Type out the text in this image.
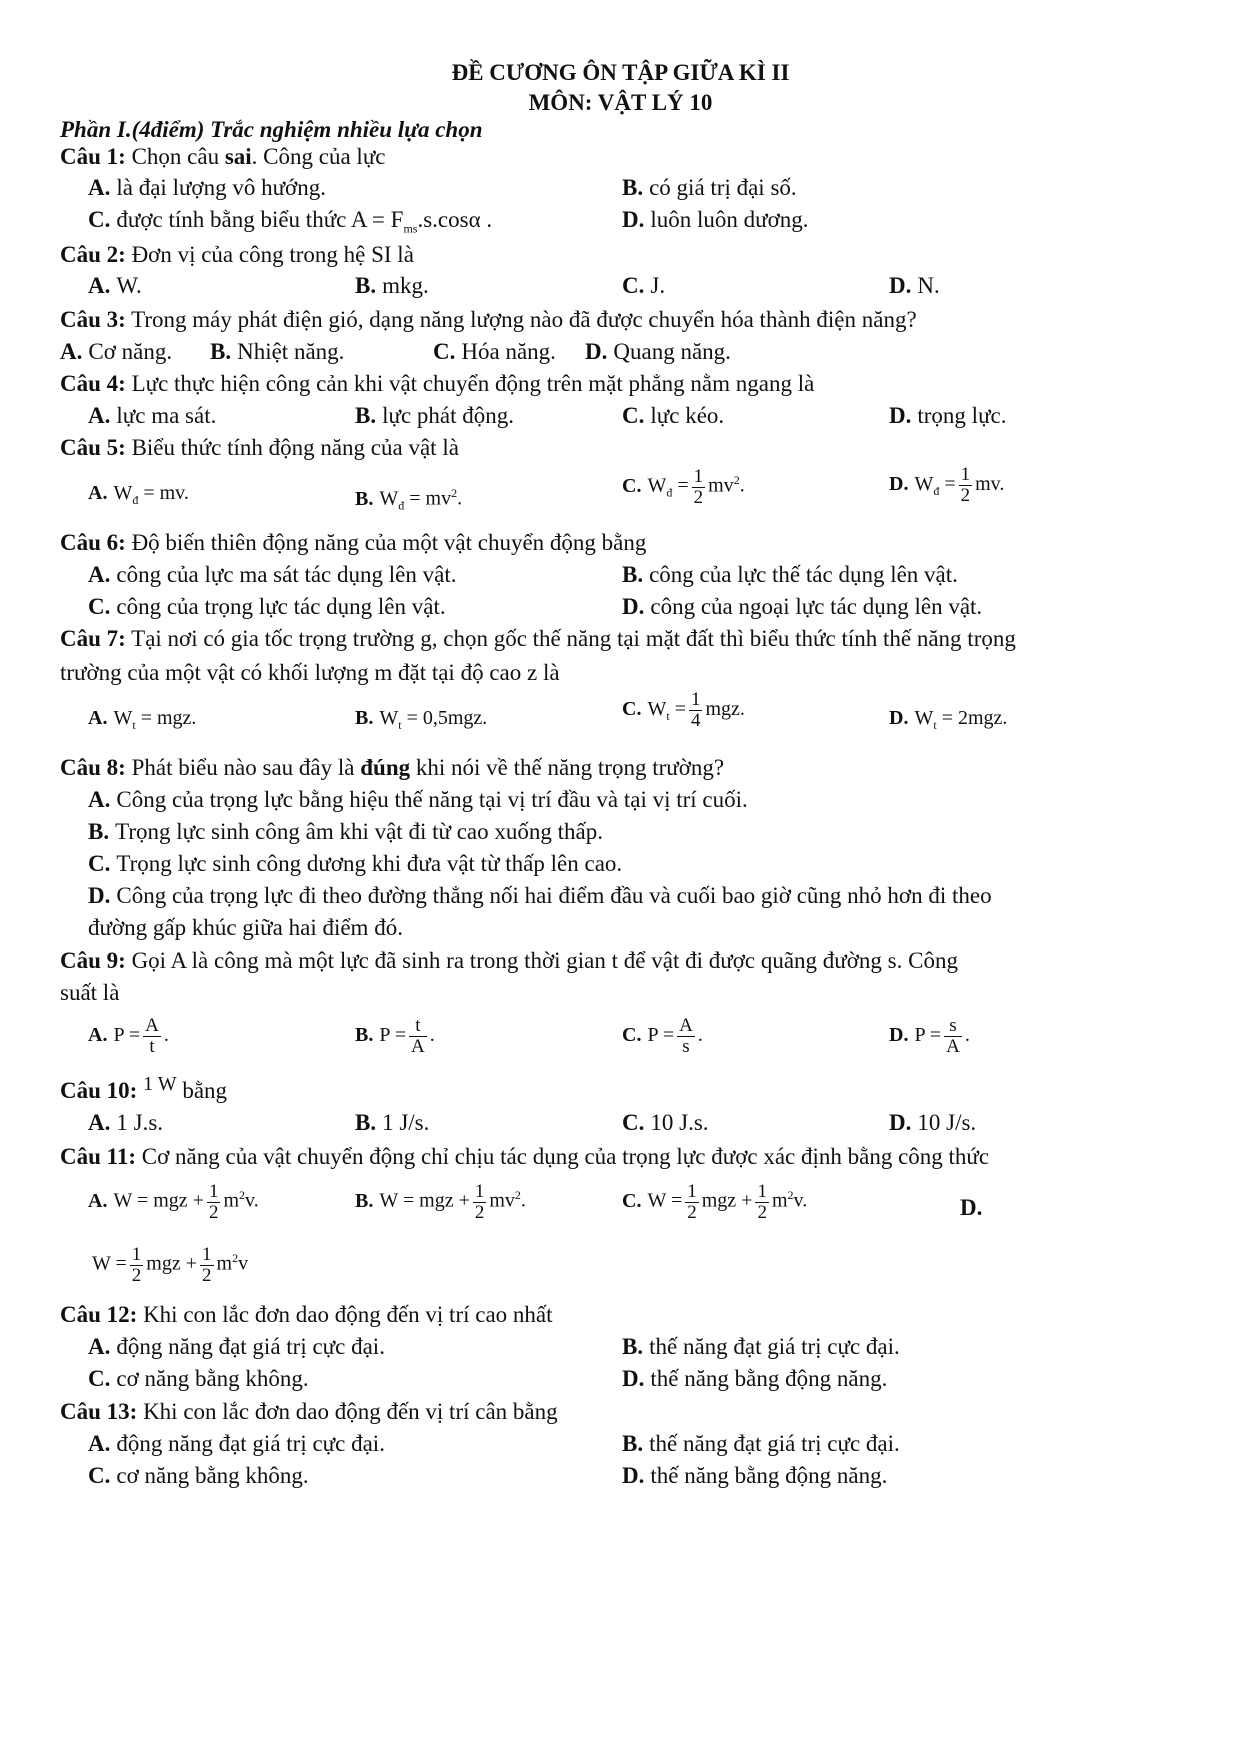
ĐỀ CƯƠNG ÔN TẬP GIỮA KÌ II
MÔN: VẬT LÝ 10
Phần I.(4điểm) Trắc nghiệm nhiều lựa chọn
Câu 1: Chọn câu sai. Công của lực
A. là đại lượng vô hướng.	B. có giá trị đại số.
C. được tính bằng biểu thức $A = F_{ms}.s.\cos\alpha$ .	D. luôn luôn dương.
Câu 2: Đơn vị của công trong hệ SI là
A. W.	B. mkg.	C. J.	D. N.
Câu 3: Trong máy phát điện gió, dạng năng lượng nào đã được chuyển hóa thành điện năng?
A. Cơ năng. B. Nhiệt năng.	C. Hóa năng. D. Quang năng.
Câu 4: Lực thực hiện công cản khi vật chuyển động trên mặt phẳng nằm ngang là
A. lực ma sát.	B. lực phát động.	C. lực kéo.	D. trọng lực.
Câu 5: Biểu thức tính động năng của vật là
A. $W_đ$ = mv.	B. $W_đ = mv^2$.
C. $W_đ = \frac{1}{2} mv^2$.	D. $W_đ = \frac{1}{2}$ mv.
Câu 6: Độ biến thiên động năng của một vật chuyển động bằng
A. công của lực ma sát tác dụng lên vật.	B. công của lực thế tác dụng lên vật.
C. công của trọng lực tác dụng lên vật.	D. công của ngoại lực tác dụng lên vật.
Câu 7: Tại nơi có gia tốc trọng trường g, chọn gốc thế năng tại mặt đất thì biểu thức tính thế năng trọng
trường của một vật có khối lượng m đặt tại độ cao z là
A. $W_t$ = mgz.	B. $W_t = 0,5mgz$.	C. $W_t = \frac{1}{4}$ mgz.	D. $W_t = 2mgz$.
Câu 8: Phát biểu nào sau đây là đúng khi nói về thế năng trọng trường?
A. Công của trọng lực bằng hiệu thế năng tại vị trí đầu và tại vị trí cuối.
B. Trọng lực sinh công âm khi vật đi từ cao xuống thấp.
C. Trọng lực sinh công dương khi đưa vật từ thấp lên cao.
D. Công của trọng lực đi theo đường thẳng nối hai điểm đầu và cuối bao giờ cũng nhỏ hơn đi theo
đường gấp khúc giữa hai điểm đó.
Câu 9: Gọi A là công mà một lực đã sinh ra trong thời gian t để vật đi được quãng đường s. Công
suất là
A. $P = \frac{A}{t}$ .	B. $P = \frac{t}{A}$ .	C. $P = \frac{A}{s}$ .	D. $P = \frac{s}{A}$ .
Câu 10: 1 W bằng
A. 1 J.s.	B. 1 J/s.	C. 10 J.s.	D. 10 J/s.
Câu 11: Cơ năng của vật chuyển động chỉ chịu tác dụng của trọng lực được xác định bằng công thức
A. W = mgz + $\frac{1}{2} m^2v$.	B. W = mgz + $\frac{1}{2} mv^2$.	C. $W = \frac{1}{2}$ mgz + $\frac{1}{2} m^2v$.	D.
$W = \frac{1}{2}$ mgz + $\frac{1}{2} m^2v$
Câu 12: Khi con lắc đơn dao động đến vị trí cao nhất
A. động năng đạt giá trị cực đại.	B. thế năng đạt giá trị cực đại.
C. cơ năng bằng không.	D. thế năng bằng động năng.
Câu 13: Khi con lắc đơn dao động đến vị trí cân bằng
A. động năng đạt giá trị cực đại.	B. thế năng đạt giá trị cực đại.
C. cơ năng bằng không.	D. thế năng bằng động năng.
